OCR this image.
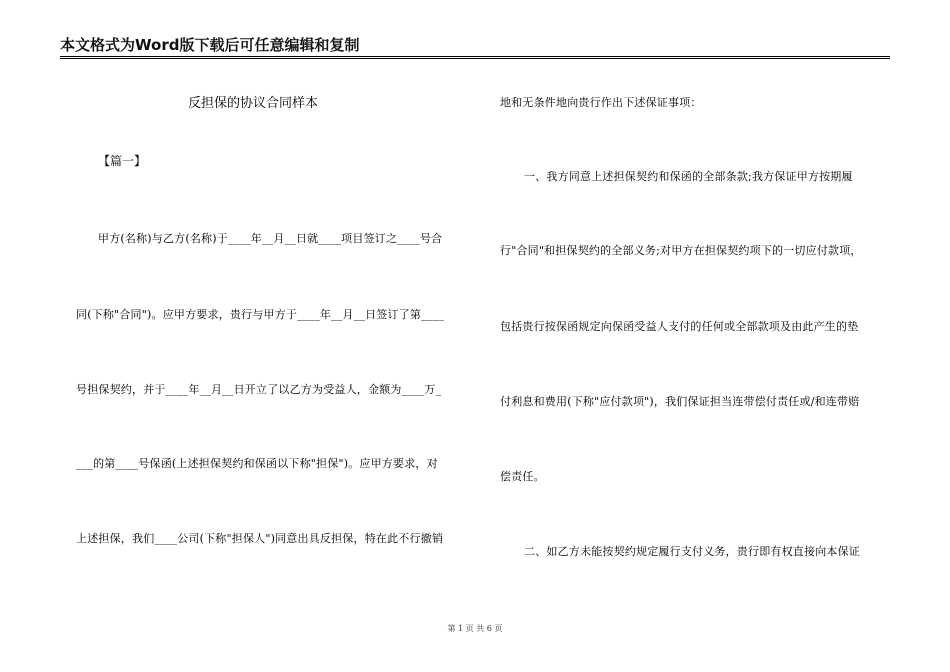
本文格式为Word版下载后可任意编辑和复制
反担保的协议合同样本
【篇一】
甲方(名称)与乙方(名称)于____年__月__日就____项目签订之____号合
同(下称"合同")。应甲方要求，贵行与甲方于____年__月__日签订了第____
号担保契约，并于____年__月__日开立了以乙方为受益人，金额为____万_
___的第____号保函(上述担保契约和保函以下称"担保")。应甲方要求，对
上述担保，我们____公司(下称"担保人")同意出具反担保，特在此不行撤销
地和无条件地向贵行作出下述保证事项：
一、我方同意上述担保契约和保函的全部条款;我方保证甲方按期履
行"合同"和担保契约的全部义务;对甲方在担保契约项下的一切应付款项，
包括贵行按保函规定向保函受益人支付的任何或全部款项及由此产生的垫
付利息和费用(下称"应付款项")，我们保证担当连带偿付责任或/和连带赔
偿责任。
二、如乙方未能按契约规定履行支付义务，贵行即有权直接向本保证
第 1 页 共 6 页
